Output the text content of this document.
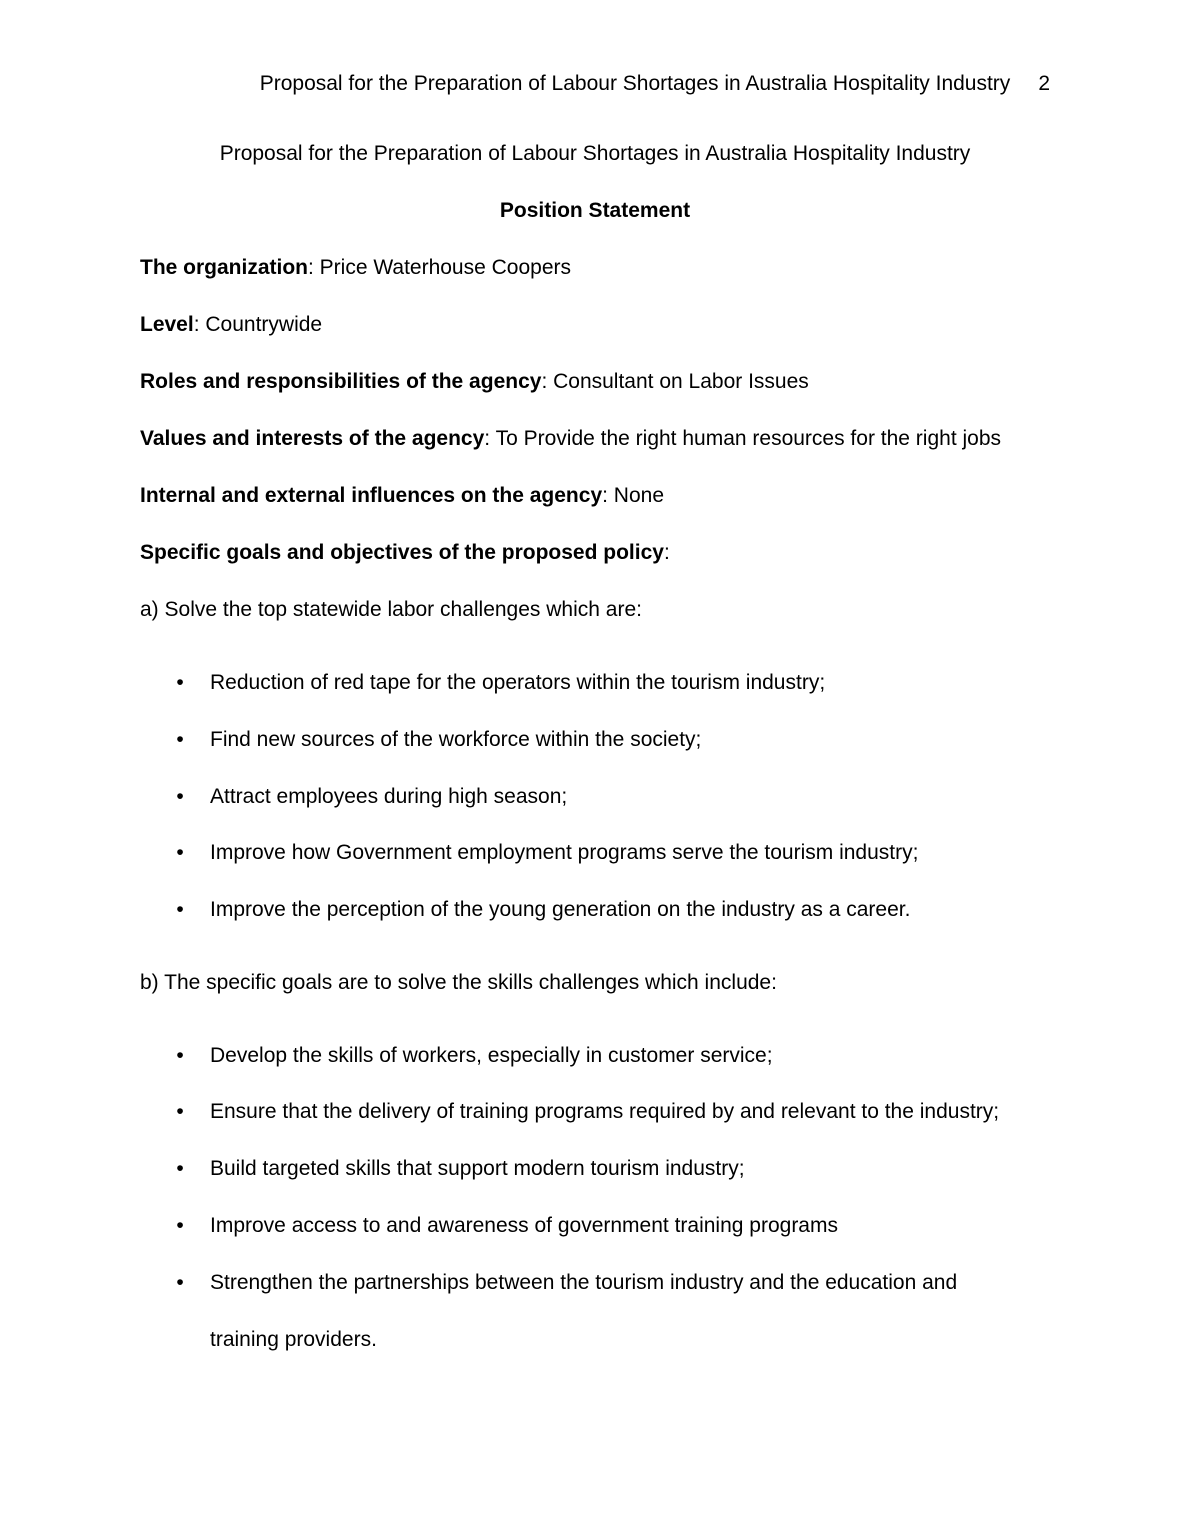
Proposal for the Preparation of Labour Shortages in Australia Hospitality Industry 2
Proposal for the Preparation of Labour Shortages in Australia Hospitality Industry
Position Statement
The organization: Price Waterhouse Coopers
Level: Countrywide
Roles and responsibilities of the agency: Consultant on Labor Issues
Values and interests of the agency: To Provide the right human resources for the right jobs
Internal and external influences on the agency: None
Specific goals and objectives of the proposed policy:
a) Solve the top statewide labor challenges which are:
• Reduction of red tape for the operators within the tourism industry;
• Find new sources of the workforce within the society;
• Attract employees during high season;
• Improve how Government employment programs serve the tourism industry;
• Improve the perception of the young generation on the industry as a career.
b) The specific goals are to solve the skills challenges which include:
• Develop the skills of workers, especially in customer service;
• Ensure that the delivery of training programs required by and relevant to the industry;
• Build targeted skills that support modern tourism industry;
• Improve access to and awareness of government training programs
• Strengthen the partnerships between the tourism industry and the education and
training providers.
